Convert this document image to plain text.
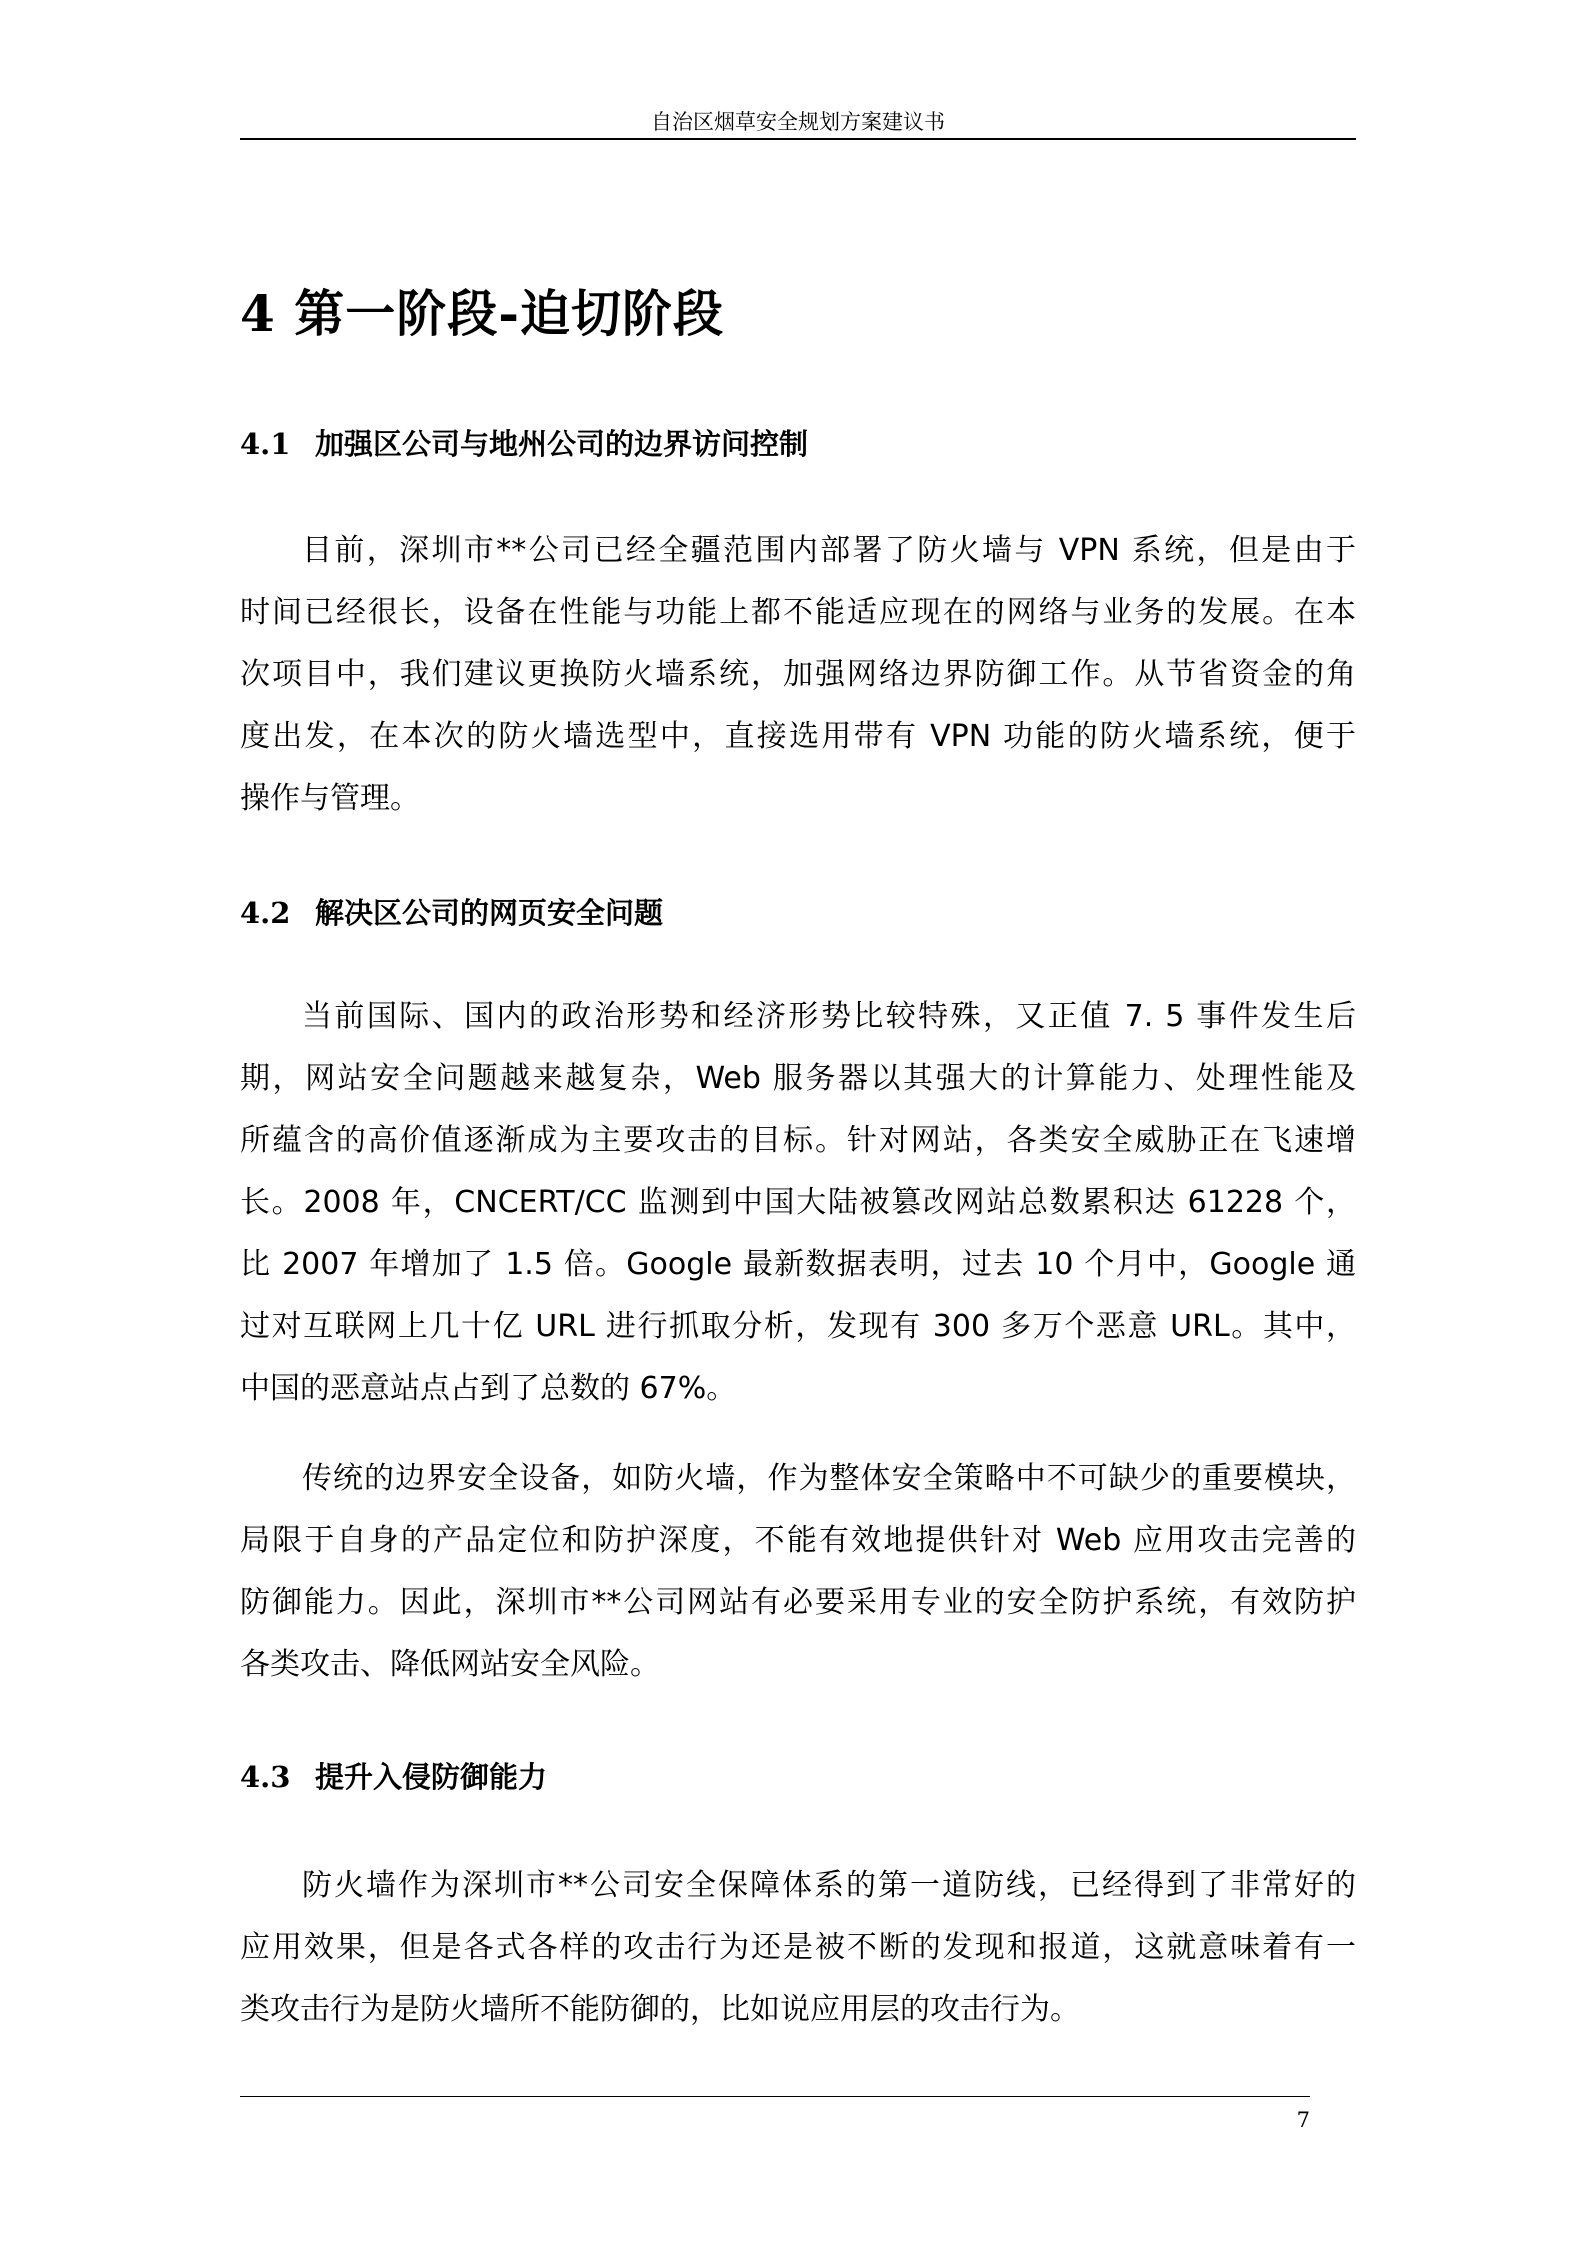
自治区烟草安全规划方案建议书
4 第一阶段-迫切阶段
4.1 加强区公司与地州公司的边界访问控制
目前，深圳市**公司已经全疆范围内部署了防火墙与 VPN 系统，但是由于
时间已经很长，设备在性能与功能上都不能适应现在的网络与业务的发展。在本
次项目中，我们建议更换防火墙系统，加强网络边界防御工作。从节省资金的角
度出发，在本次的防火墙选型中，直接选用带有 VPN 功能的防火墙系统，便于
操作与管理。
4.2 解决区公司的网页安全问题
当前国际、国内的政治形势和经济形势比较特殊，又正值 7. 5 事件发生后
期，网站安全问题越来越复杂，Web 服务器以其强大的计算能力、处理性能及
所蕴含的高价值逐渐成为主要攻击的目标。针对网站，各类安全威胁正在飞速增
长。2008 年，CNCERT/CC 监测到中国大陆被篡改网站总数累积达 61228 个，
比 2007 年增加了 1.5 倍。Google 最新数据表明，过去 10 个月中，Google 通
过对互联网上几十亿 URL 进行抓取分析，发现有 300 多万个恶意 URL。其中，
中国的恶意站点占到了总数的 67%。
传统的边界安全设备，如防火墙，作为整体安全策略中不可缺少的重要模块，
局限于自身的产品定位和防护深度，不能有效地提供针对 Web 应用攻击完善的
防御能力。因此，深圳市**公司网站有必要采用专业的安全防护系统，有效防护
各类攻击、降低网站安全风险。
4.3 提升入侵防御能力
防火墙作为深圳市**公司安全保障体系的第一道防线，已经得到了非常好的
应用效果，但是各式各样的攻击行为还是被不断的发现和报道，这就意味着有一
类攻击行为是防火墙所不能防御的，比如说应用层的攻击行为。
7
